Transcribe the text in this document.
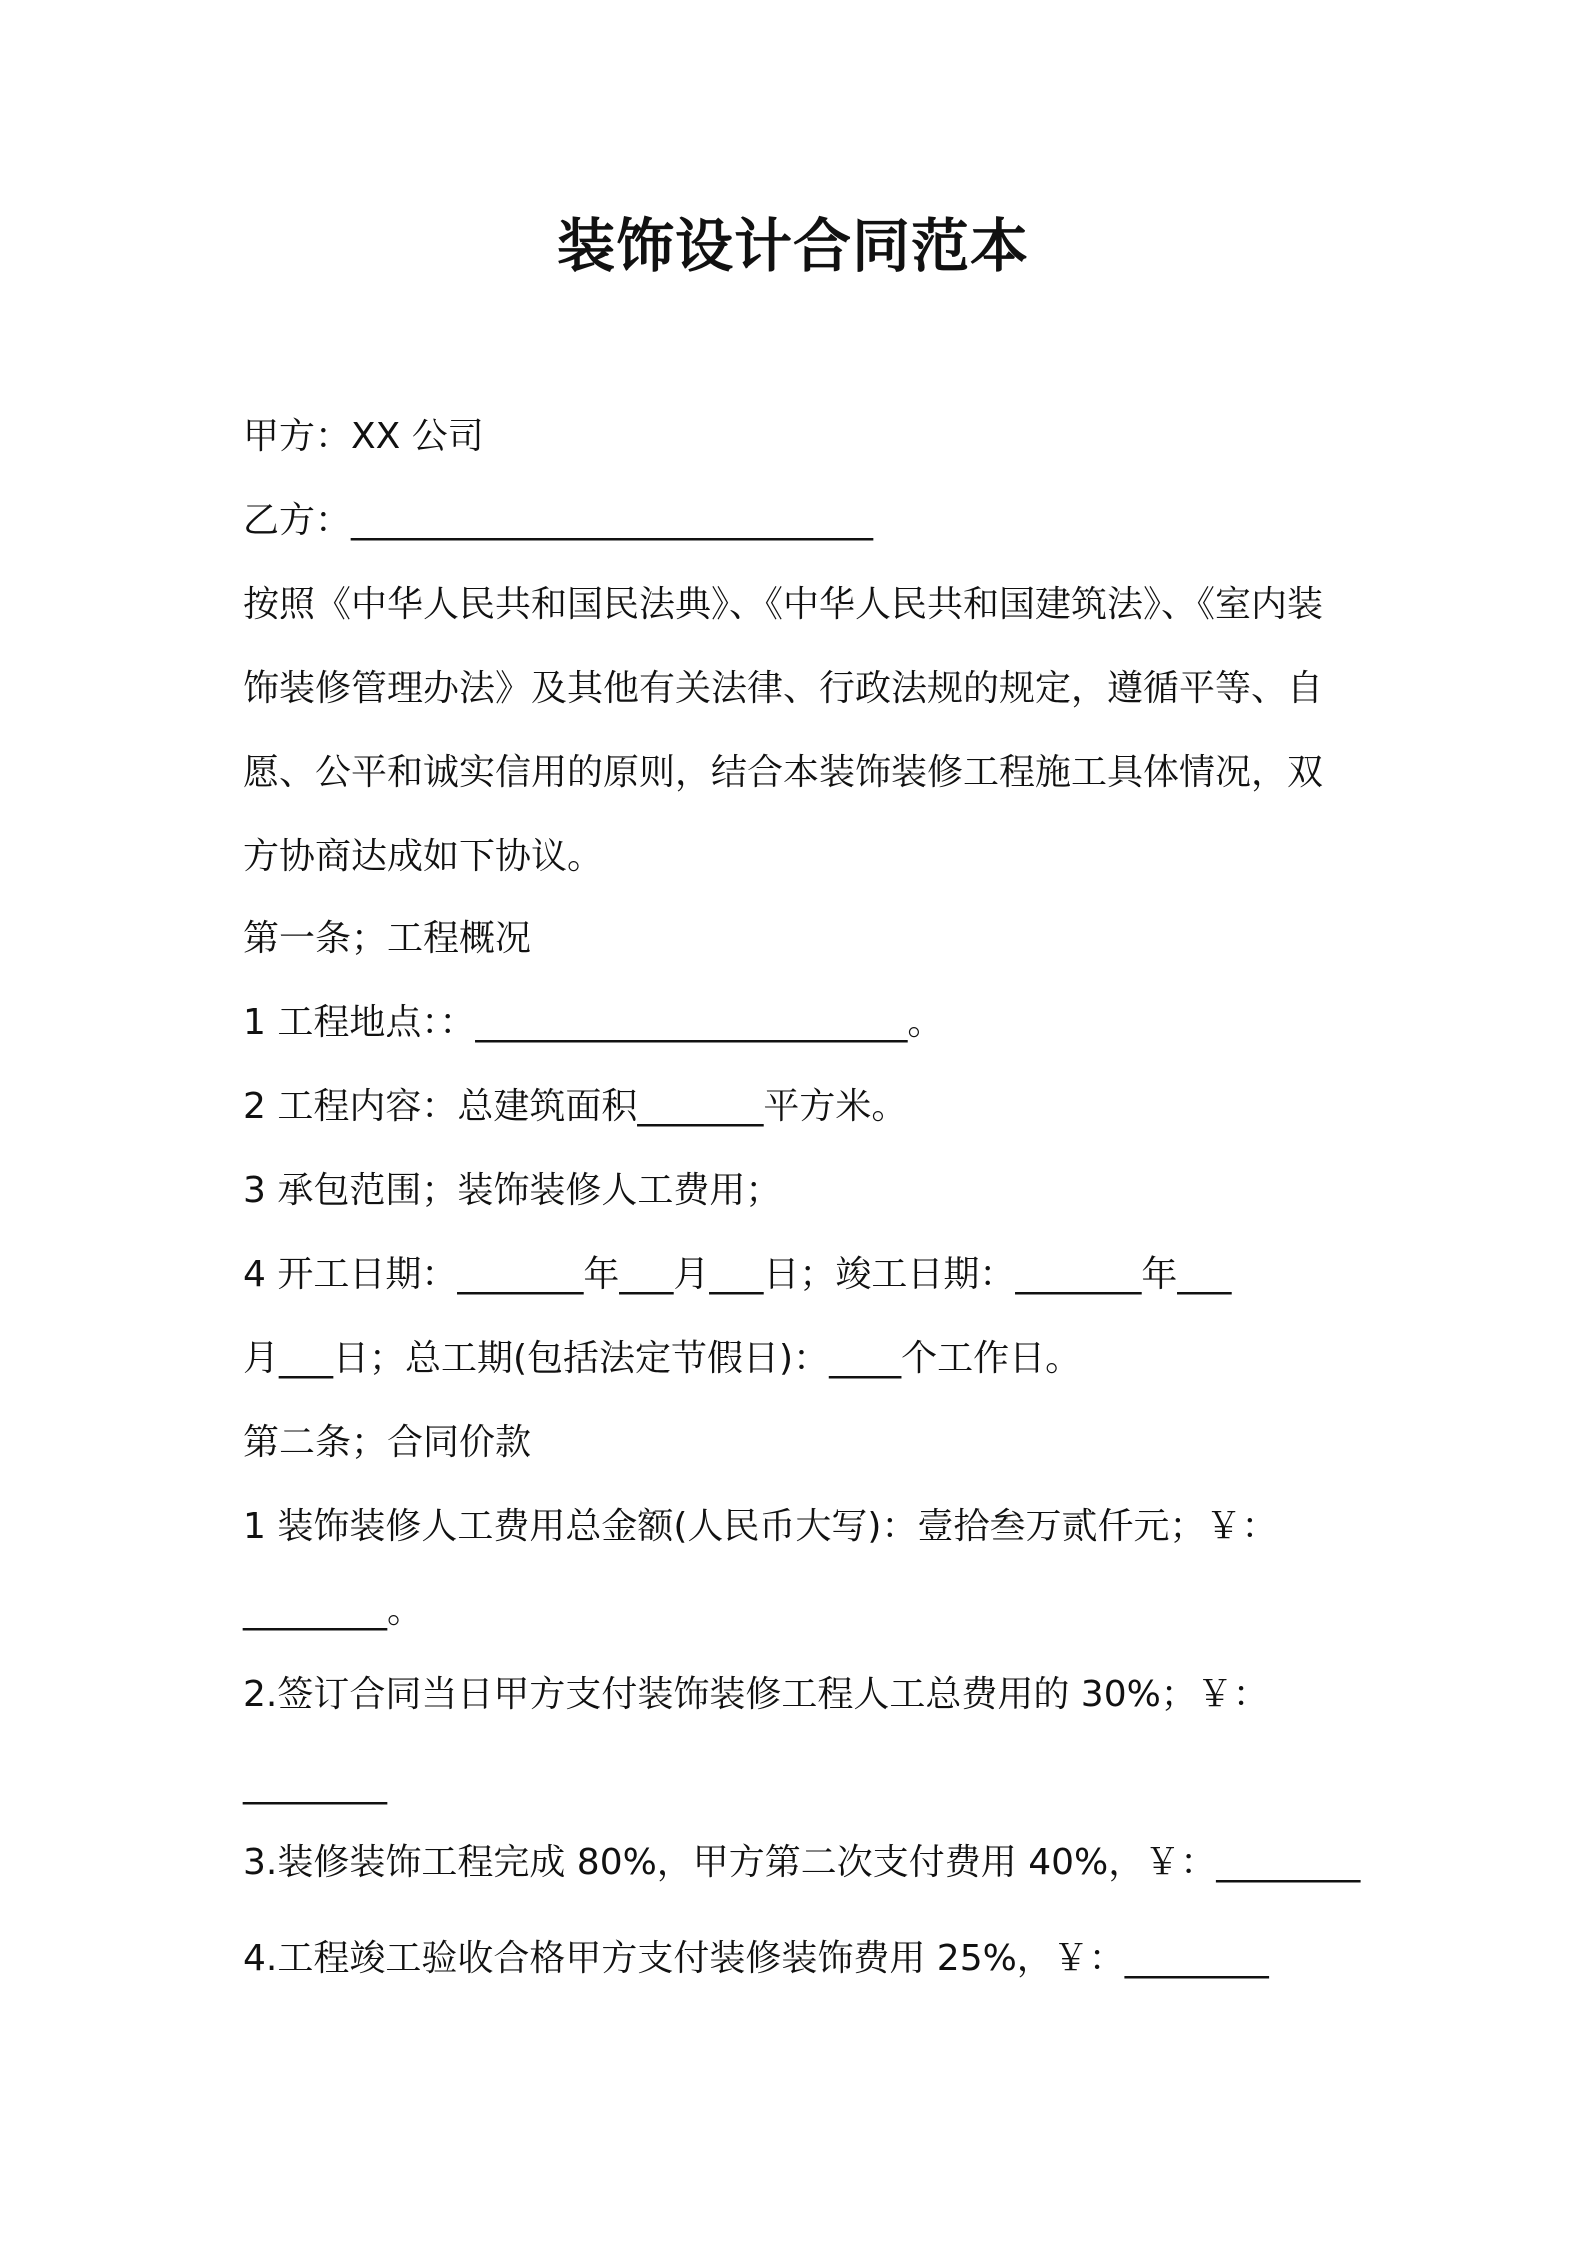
装饰设计合同范本
甲方：XX 公司
乙方：_____________________________
按照《中华人民共和国民法典》、《中华人民共和国建筑法》、《室内装
饰装修管理办法》及其他有关法律、行政法规的规定，遵循平等、自
愿、公平和诚实信用的原则，结合本装饰装修工程施工具体情况，双
方协商达成如下协议。
第一条；工程概况
1 工程地点：：________________________。
2 工程内容：总建筑面积_______平方米。
3 承包范围；装饰装修人工费用；
4 开工日期：_______年___月___日；竣工日期：_______年___
月___日；总工期(包括法定节假日)：____个工作日。
第二条；合同价款
1 装饰装修人工费用总金额(人民币大写)：壹拾叁万贰仟元；￥：
________。
2.签订合同当日甲方支付装饰装修工程人工总费用的 30%；￥：
________
3.装修装饰工程完成 80%，甲方第二次支付费用 40%，￥：________
4.工程竣工验收合格甲方支付装修装饰费用 25%，￥：________
